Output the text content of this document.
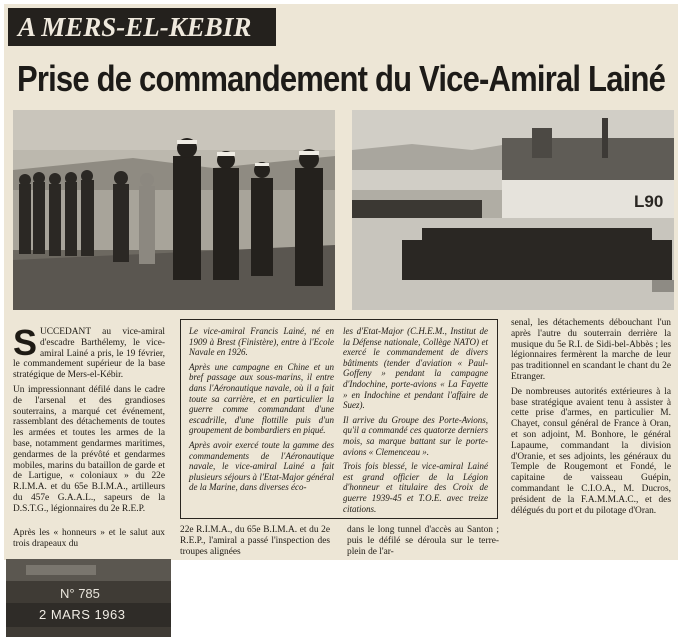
A MERS-EL-KEBIR
Prise de commandement du Vice-Amiral Lainé
L90

SUCCEDANT au vice-amiral d'escadre Barthélemy, le vice-amiral Lainé a pris, le 19 février, le commandement supérieur de la base stratégique de Mers-el-Kébir.

Un impressionnant défilé dans le cadre de l'arsenal et des grandioses souterrains, a marqué cet événement, rassemblant des détachements de toutes les armées et toutes les armes de la base, notamment gendarmes maritimes, gendarmes de la prévôté et gendarmes mobiles, marins du bataillon de garde et de Lartigue, « coloniaux » du 22e R.I.M.A. et du 65e B.I.M.A., artilleurs du 457e G.A.A.L., sapeurs de la D.S.T.G., légionnaires du 2e R.E.P.

Après les « honneurs » et le salut aux trois drapeaux du

Le vice-amiral Francis Lainé, né en 1909 à Brest (Finistère), entre à l'Ecole Navale en 1926.

Après une campagne en Chine et un bref passage aux sous-marins, il entre dans l'Aéronautique navale, où il a fait toute sa carrière, et en particulier la guerre comme commandant d'une escadrille, d'une flottille puis d'un groupement de bombardiers en piqué.

Après avoir exercé toute la gamme des commandements de l'Aéronautique navale, le vice-amiral Lainé a fait plusieurs séjours à l'Etat-Major général de la Marine, dans diverses éco-

les d'Etat-Major (C.H.E.M., Institut de la Défense nationale, Collège NATO) et exercé le commandement de divers bâtiments (tender d'aviation « Paul-Goffeny » pendant la campagne d'Indochine, porte-avions « La Fayette » en Indochine et pendant l'affaire de Suez).

Il arrive du Groupe des Porte-Avions, qu'il a commandé ces quatorze derniers mois, sa marque battant sur le porte-avions « Clemenceau ».

Trois fois blessé, le vice-amiral Lainé est grand officier de la Légion d'honneur et titulaire des Croix de guerre 1939-45 et T.O.E. avec treize citations.

22e R.I.M.A., du 65e B.I.M.A. et du 2e R.E.P., l'amiral a passé l'inspection des troupes alignées
dans le long tunnel d'accès au Santon ; puis le défilé se déroula sur le terre-plein de l'ar-

senal, les détachements débouchant l'un après l'autre du souterrain derrière la musique du 5e R.I. de Sidi-bel-Abbès ; les légionnaires fermèrent la marche de leur pas traditionnel en scandant le chant du 2e Etranger.

De nombreuses autorités extérieures à la base stratégique avaient tenu à assister à cette prise d'armes, en particulier M. Chayet, consul général de France à Oran, et son adjoint, M. Bonhore, le général Lapaume, commandant la division d'Oranie, et ses adjoints, les généraux du Temple de Rougemont et Fondé, le capitaine de vaisseau Guépin, commandant le C.I.O.A., M. Ducros, président de la F.A.M.M.A.C., et des délégués du port et du pilotage d'Oran.

N° 785
2 MARS 1963
